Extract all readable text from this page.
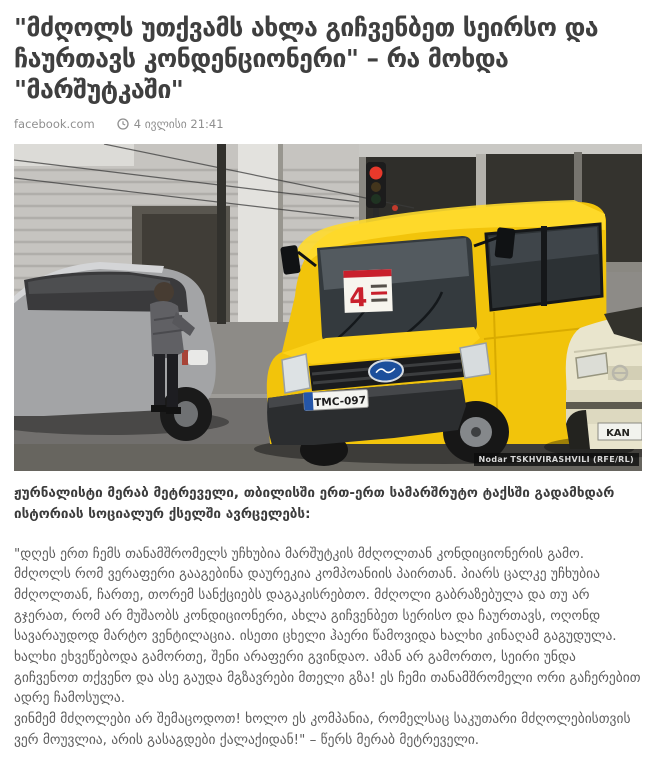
"მძღოლს უთქვამს ახლა გიჩვენბეთ სეირსო და ჩაურთავს კონდენციონერი" – რა მოხდა "მარშუტკაში"
facebook.com	4 ივლისი 21:41
4
TMC-097
KAN
Nodar TSKHVIRASHVILI (RFE/RL)

ჟურნალისტი მერაბ მეტრეველი, თბილისში ერთ-ერთ სამარშრუტო ტაქსში გადამხდარ ისტორიას სოციალურ ქსელში ავრცელებს:

"დღეს ერთ ჩემს თანამშრომელს უჩხუბია მარშუტკის მძღოლთან კონდიციონერის გამო. მძღოლს რომ ვერაფერი გააგებინა დაურეკია კომპოანიის პაირთან. პიარს ცალკე უჩხუბია მძღოლთან, ჩართე, თორემ სანქციებს დაგაკისრებთო. მძღოლი გაბრაზებულა და თუ არ გჯერათ, რომ არ მუშაობს კონდიციონერი, ახლა გიჩვენბეთ სერისო და ჩაურთავს, ოღონდ სავარაუდოდ მარტო ვენტილაცია. ისეთი ცხელი ჰაერი წამოვიდა ხალხი კინაღამ გაგუდულა. ხალხი ეხვეწებოდა გამორთე, შენი არაფერი გვინდაო. ამან არ გამორთო, სეირი უნდა გიჩვენოთ თქვენო და ასე გაუდა მგზავრები მთელი გზა! ეს ჩემი თანამშრომელი ორი გაჩერებით ადრე ჩამოსულა.

ვინმემ მძღოლები არ შემაცოდოთ! ხოლო ეს კომპანია, რომელსაც საკუთარი მძღოლებისთვის ვერ მოუვლია, არის გასაგდები ქალაქიდან!" – წერს მერაბ მეტრეველი.
